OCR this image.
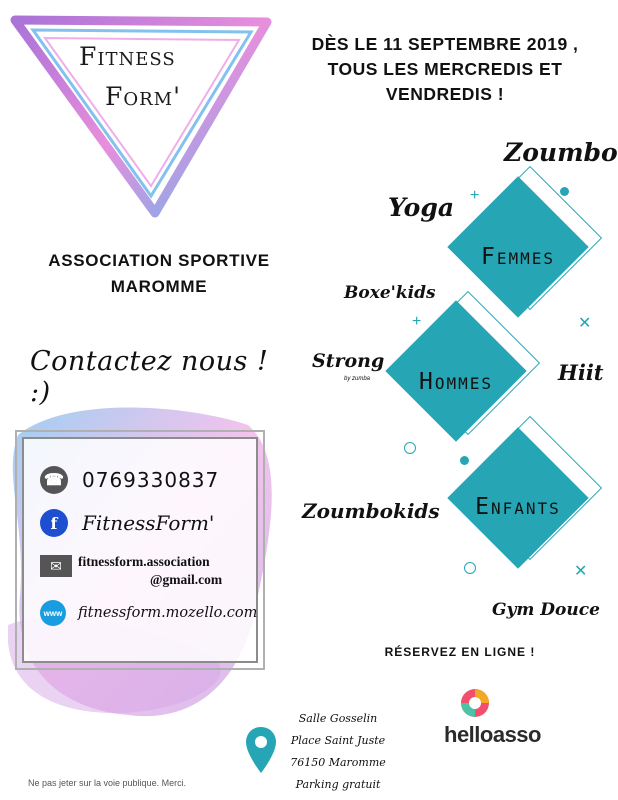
Fitness
Form'
DÈS LE 11 SEPTEMBRE 2019 ,
TOUS LES MERCREDIS ET
VENDREDIS !
ASSOCIATION SPORTIVE
MAROMME
Contactez nous ! :)
Femmes
Hommes
Enfants
+
+	✕
✕
Zoumbo
Yoga
Boxe'kids
Strong
by zumba	Hiit
Zoumbokids
Gym Douce
☎ 0769330837
f	FitnessForm'
✉	fitnessform.association
@gmail.com
www fitnessform.mozello.com
RÉSERVEZ EN LIGNE !
Salle Gosselin
Place Saint Juste
76150 Maromme
Parking gratuit
helloasso
Ne pas jeter sur la voie publique. Merci.
